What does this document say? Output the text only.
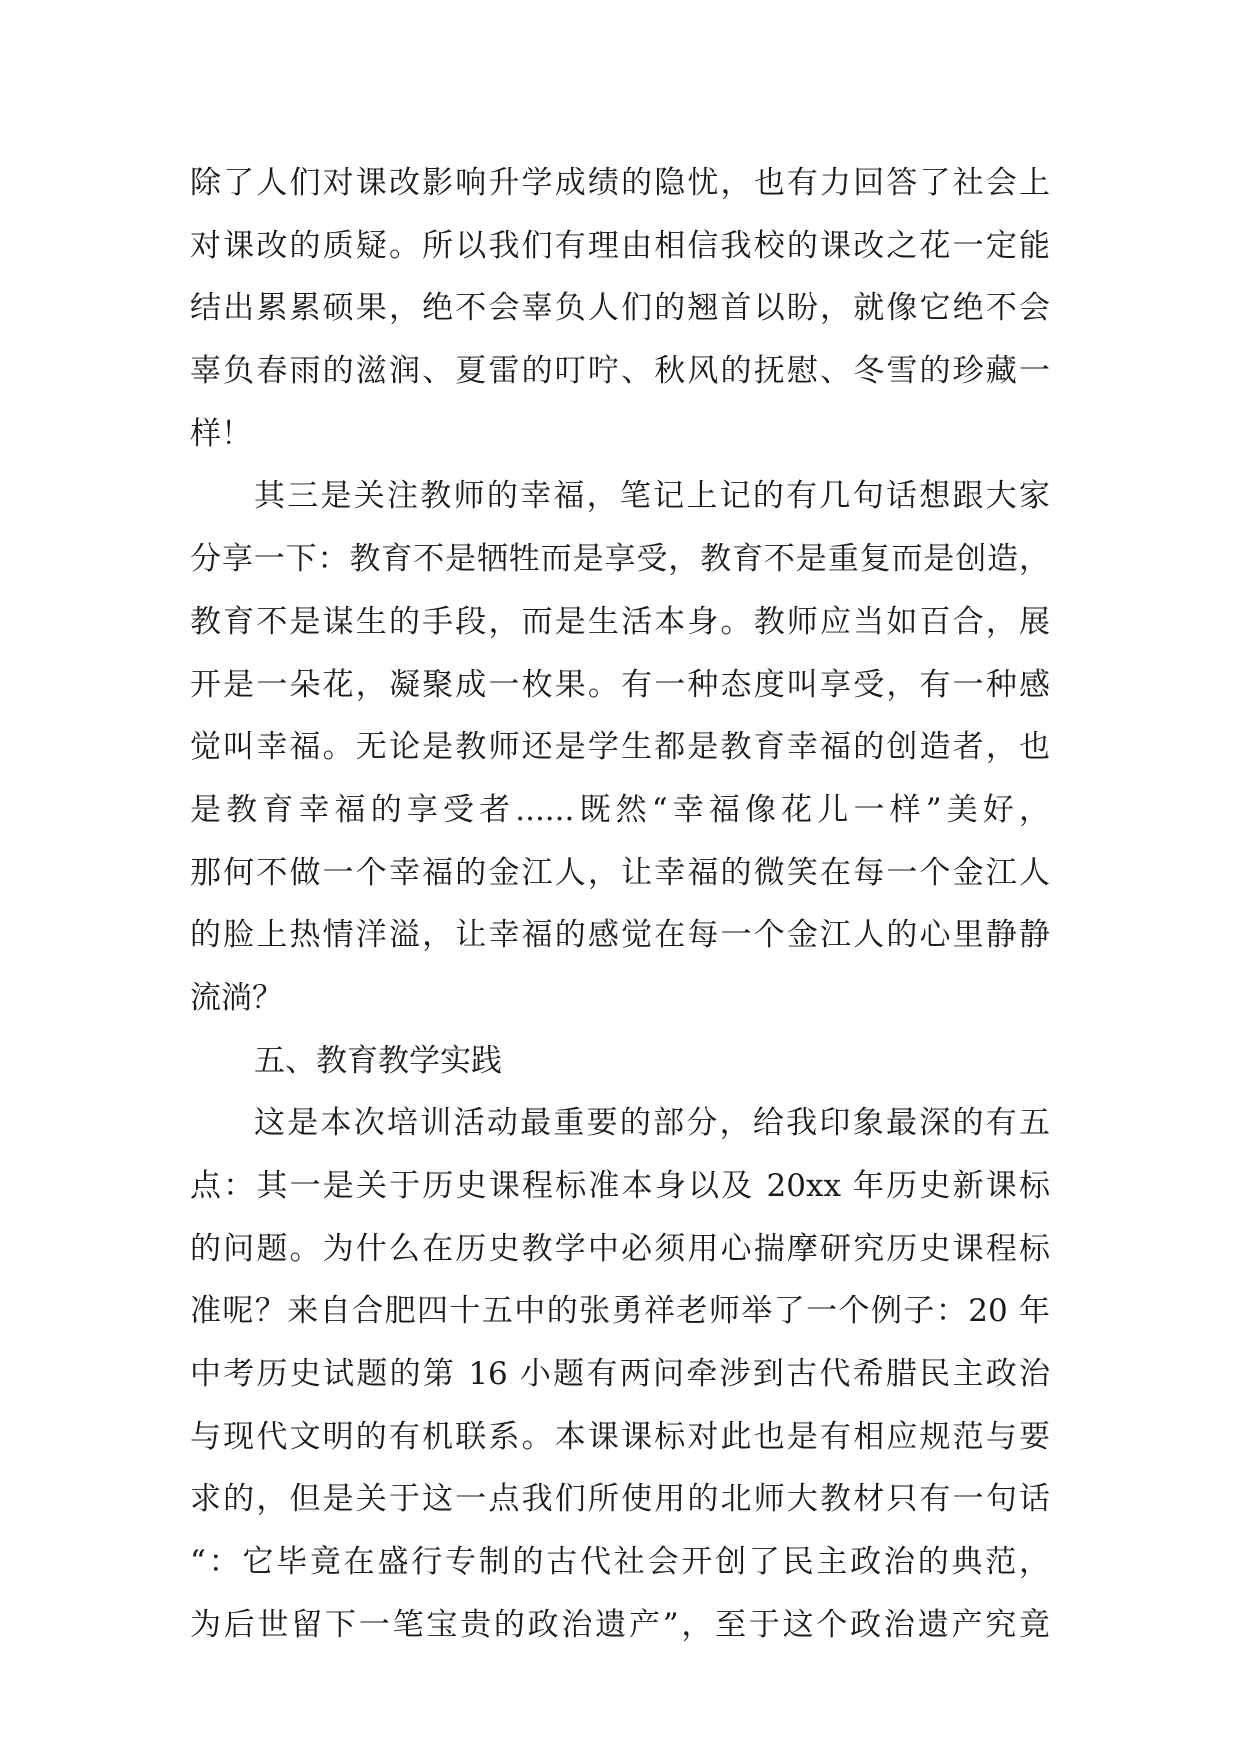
除了人们对课改影响升学成绩的隐忧，也有力回答了社会上
对课改的质疑。所以我们有理由相信我校的课改之花一定能
结出累累硕果，绝不会辜负人们的翘首以盼，就像它绝不会
辜负春雨的滋润、夏雷的叮咛、秋风的抚慰、冬雪的珍藏一
样！
其三是关注教师的幸福，笔记上记的有几句话想跟大家
分享一下：教育不是牺牲而是享受，教育不是重复而是创造，
教育不是谋生的手段，而是生活本身。教师应当如百合，展
开是一朵花，凝聚成一枚果。有一种态度叫享受，有一种感
觉叫幸福。无论是教师还是学生都是教育幸福的创造者，也
是教育幸福的享受者......既然“幸福像花儿一样”美好，
那何不做一个幸福的金江人，让幸福的微笑在每一个金江人
的脸上热情洋溢，让幸福的感觉在每一个金江人的心里静静
流淌？
五、教育教学实践
这是本次培训活动最重要的部分，给我印象最深的有五
点：其一是关于历史课程标准本身以及 20xx 年历史新课标
的问题。为什么在历史教学中必须用心揣摩研究历史课程标
准呢？来自合肥四十五中的张勇祥老师举了一个例子：20 年
中考历史试题的第 16 小题有两问牵涉到古代希腊民主政治
与现代文明的有机联系。本课课标对此也是有相应规范与要
求的，但是关于这一点我们所使用的北师大教材只有一句话
“：它毕竟在盛行专制的古代社会开创了民主政治的典范，
为后世留下一笔宝贵的政治遗产”，至于这个政治遗产究竟
